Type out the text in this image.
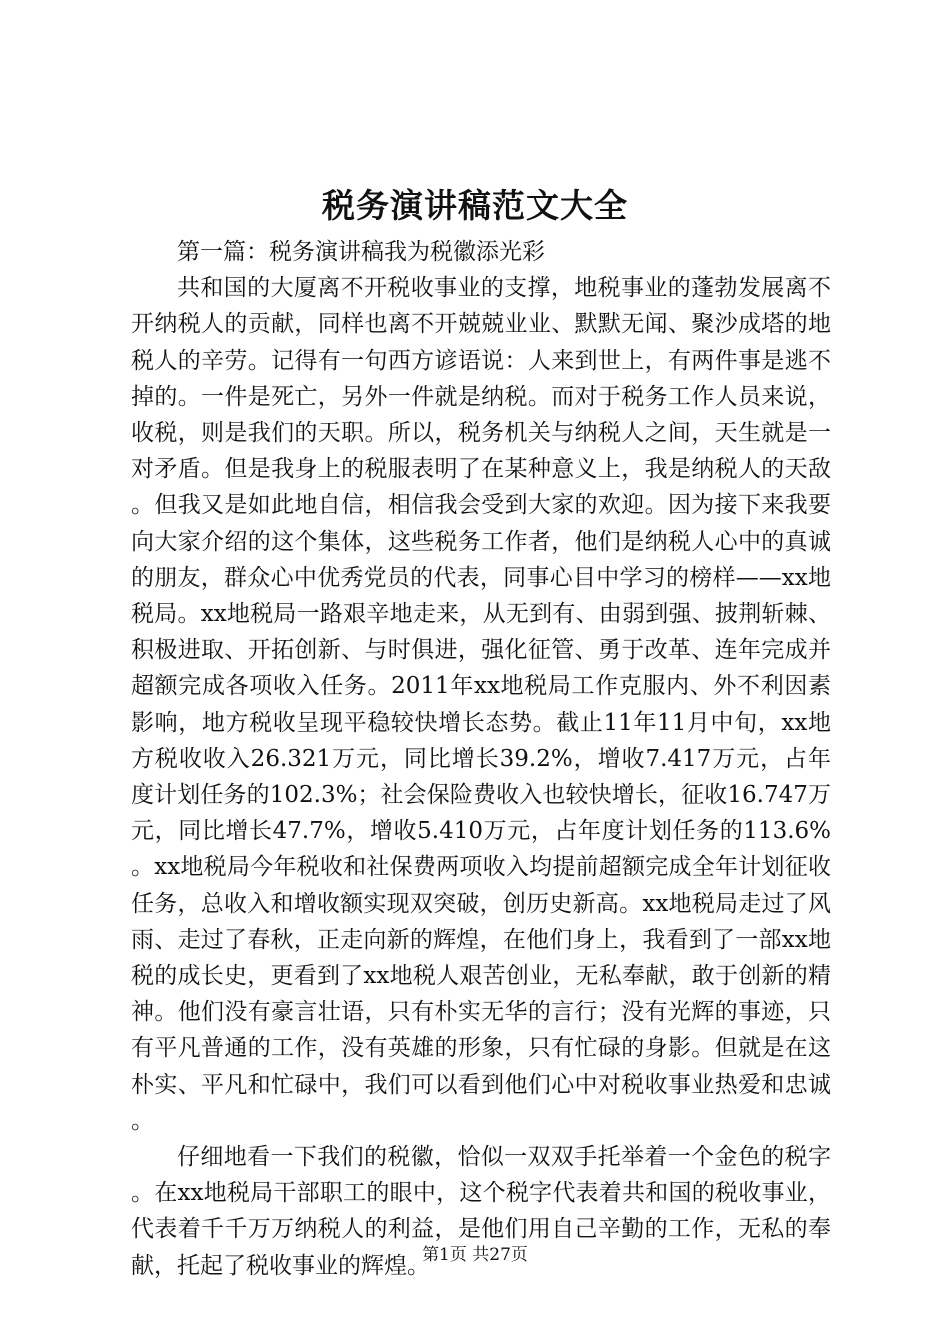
税务演讲稿范文大全

第一篇：税务演讲稿我为税徽添光彩

共和国的大厦离不开税收事业的支撑，地税事业的蓬勃发展离不开纳税人的贡献，同样也离不开兢兢业业、默默无闻、聚沙成塔的地税人的辛劳。记得有一句西方谚语说：人来到世上，有两件事是逃不掉的。一件是死亡，另外一件就是纳税。而对于税务工作人员来说，收税，则是我们的天职。所以，税务机关与纳税人之间，天生就是一对矛盾。但是我身上的税服表明了在某种意义上，我是纳税人的天敌。但我又是如此地自信，相信我会受到大家的欢迎。因为接下来我要向大家介绍的这个集体，这些税务工作者，他们是纳税人心中的真诚的朋友，群众心中优秀党员的代表，同事心目中学习的榜样——xx地税局。xx地税局一路艰辛地走来，从无到有、由弱到强、披荆斩棘、积极进取、开拓创新、与时俱进，强化征管、勇于改革、连年完成并超额完成各项收入任务。2011年xx地税局工作克服内、外不利因素影响，地方税收呈现平稳较快增长态势。截止11年11月中旬，xx地方税收收入26.321万元，同比增长39.2%，增收7.417万元，占年度计划任务的102.3%；社会保险费收入也较快增长，征收16.747万元，同比增长47.7%，增收5.410万元，占年度计划任务的113.6%。xx地税局今年税收和社保费两项收入均提前超额完成全年计划征收任务，总收入和增收额实现双突破，创历史新高。xx地税局走过了风雨、走过了春秋，正走向新的辉煌，在他们身上，我看到了一部xx地税的成长史，更看到了xx地税人艰苦创业，无私奉献，敢于创新的精神。他们没有豪言壮语，只有朴实无华的言行；没有光辉的事迹，只有平凡普通的工作，没有英雄的形象，只有忙碌的身影。但就是在这朴实、平凡和忙碌中，我们可以看到他们心中对税收事业热爱和忠诚。

仔细地看一下我们的税徽，恰似一双双手托举着一个金色的税字。在xx地税局干部职工的眼中，这个税字代表着共和国的税收事业，代表着千千万万纳税人的利益，是他们用自己辛勤的工作，无私的奉献，托起了税收事业的辉煌。

第1页 共27页
